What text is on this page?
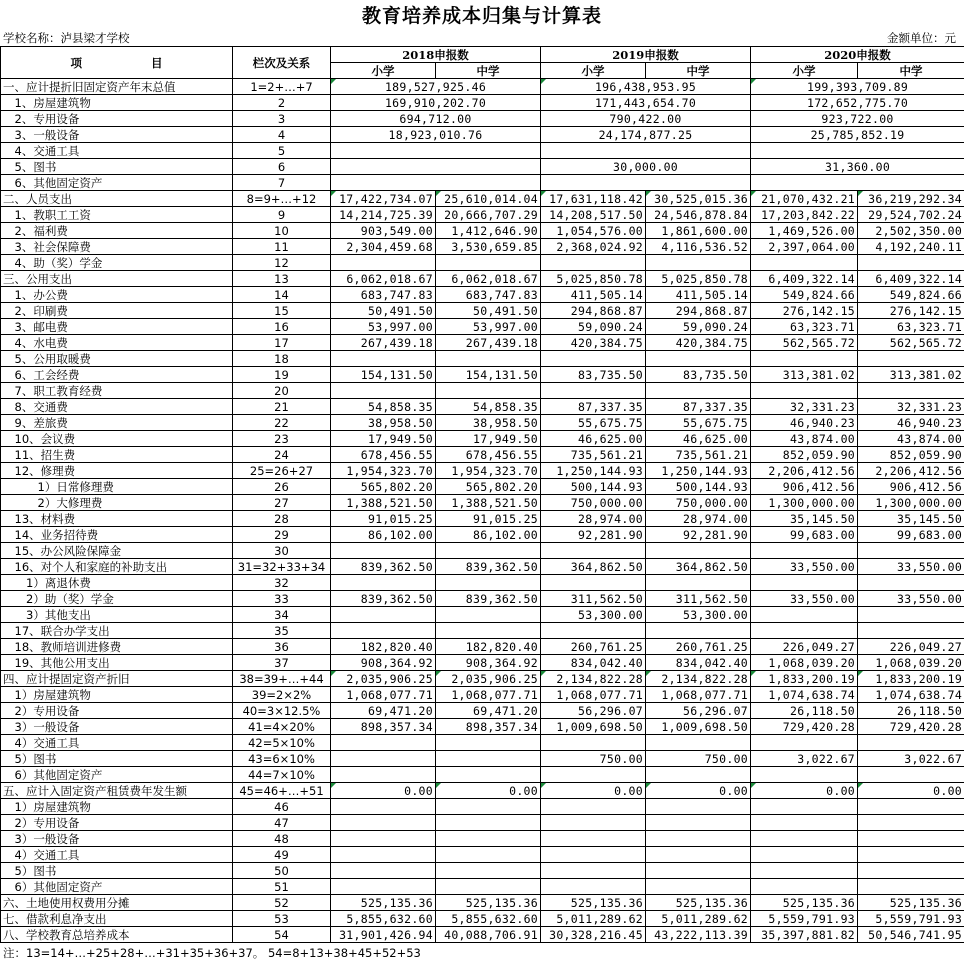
教育培养成本归集与计算表
学校名称：泸县梁才学校	金额单位：元
项　　　　　　目	栏次及关系	2018申报数		2019申报数		2020申报数	
		小学	中学	小学	中学	小学	中学
一、应计提折旧固定资产年末总值	1=2+…+7	189,527,925.46		196,438,953.95		199,393,709.89	
　1、房屋建筑物	2	169,910,202.70		171,443,654.70		172,652,775.70	
　2、专用设备	3	694,712.00		790,422.00		923,722.00	
　3、一般设备	4	18,923,010.76		24,174,877.25		25,785,852.19	
　4、交通工具	5						
　5、图书	6			30,000.00		31,360.00	
　6、其他固定资产	7						
二、人员支出	8=9+…+12	17,422,734.07	25,610,014.04	17,631,118.42	30,525,015.36	21,070,432.21	36,219,292.34
　1、教职工工资	9	14,214,725.39	20,666,707.29	14,208,517.50	24,546,878.84	17,203,842.22	29,524,702.24
　2、福利费	10	903,549.00	1,412,646.90	1,054,576.00	1,861,600.00	1,469,526.00	2,502,350.00
　3、社会保障费	11	2,304,459.68	3,530,659.85	2,368,024.92	4,116,536.52	2,397,064.00	4,192,240.11
　4、助（奖）学金	12						
三、公用支出	13	6,062,018.67	6,062,018.67	5,025,850.78	5,025,850.78	6,409,322.14	6,409,322.14
　1、办公费	14	683,747.83	683,747.83	411,505.14	411,505.14	549,824.66	549,824.66
　2、印刷费	15	50,491.50	50,491.50	294,868.87	294,868.87	276,142.15	276,142.15
　3、邮电费	16	53,997.00	53,997.00	59,090.24	59,090.24	63,323.71	63,323.71
　4、水电费	17	267,439.18	267,439.18	420,384.75	420,384.75	562,565.72	562,565.72
　5、公用取暖费	18						
　6、工会经费	19	154,131.50	154,131.50	83,735.50	83,735.50	313,381.02	313,381.02
　7、职工教育经费	20						
　8、交通费	21	54,858.35	54,858.35	87,337.35	87,337.35	32,331.23	32,331.23
　9、差旅费	22	38,958.50	38,958.50	55,675.75	55,675.75	46,940.23	46,940.23
　10、会议费	23	17,949.50	17,949.50	46,625.00	46,625.00	43,874.00	43,874.00
　11、招生费	24	678,456.55	678,456.55	735,561.21	735,561.21	852,059.90	852,059.90
　12、修理费	25=26+27	1,954,323.70	1,954,323.70	1,250,144.93	1,250,144.93	2,206,412.56	2,206,412.56
　　　1）日常修理费	26	565,802.20	565,802.20	500,144.93	500,144.93	906,412.56	906,412.56
　　　2）大修理费	27	1,388,521.50	1,388,521.50	750,000.00	750,000.00	1,300,000.00	1,300,000.00
　13、材料费	28	91,015.25	91,015.25	28,974.00	28,974.00	35,145.50	35,145.50
　14、业务招待费	29	86,102.00	86,102.00	92,281.90	92,281.90	99,683.00	99,683.00
　15、办公风险保障金	30						
　16、对个人和家庭的补助支出	31=32+33+34	839,362.50	839,362.50	364,862.50	364,862.50	33,550.00	33,550.00
　　1）离退休费	32						
　　2）助（奖）学金	33	839,362.50	839,362.50	311,562.50	311,562.50	33,550.00	33,550.00
　　3）其他支出	34			53,300.00	53,300.00		
　17、联合办学支出	35						
　18、教师培训进修费	36	182,820.40	182,820.40	260,761.25	260,761.25	226,049.27	226,049.27
　19、其他公用支出	37	908,364.92	908,364.92	834,042.40	834,042.40	1,068,039.20	1,068,039.20
四、应计提固定资产折旧	38=39+…+44	2,035,906.25	2,035,906.25	2,134,822.28	2,134,822.28	1,833,200.19	1,833,200.19
　1）房屋建筑物	39=2×2%	1,068,077.71	1,068,077.71	1,068,077.71	1,068,077.71	1,074,638.74	1,074,638.74
　2）专用设备	40=3×12.5%	69,471.20	69,471.20	56,296.07	56,296.07	26,118.50	26,118.50
　3）一般设备	41=4×20%	898,357.34	898,357.34	1,009,698.50	1,009,698.50	729,420.28	729,420.28
　4）交通工具	42=5×10%						
　5）图书	43=6×10%			750.00	750.00	3,022.67	3,022.67
　6）其他固定资产	44=7×10%						
五、应计入固定资产租赁费年发生额	45=46+…+51	0.00	0.00	0.00	0.00	0.00	0.00
　1）房屋建筑物	46						
　2）专用设备	47						
　3）一般设备	48						
　4）交通工具	49						
　5）图书	50						
　6）其他固定资产	51						
六、土地使用权费用分摊	52	525,135.36	525,135.36	525,135.36	525,135.36	525,135.36	525,135.36
七、借款利息净支出	53	5,855,632.60	5,855,632.60	5,011,289.62	5,011,289.62	5,559,791.93	5,559,791.93
八、学校教育总培养成本	54	31,901,426.94	40,088,706.91	30,328,216.45	43,222,113.39	35,397,881.82	50,546,741.95
注：13=14+…+25+28+…+31+35+36+37。 54=8+13+38+45+52+53
